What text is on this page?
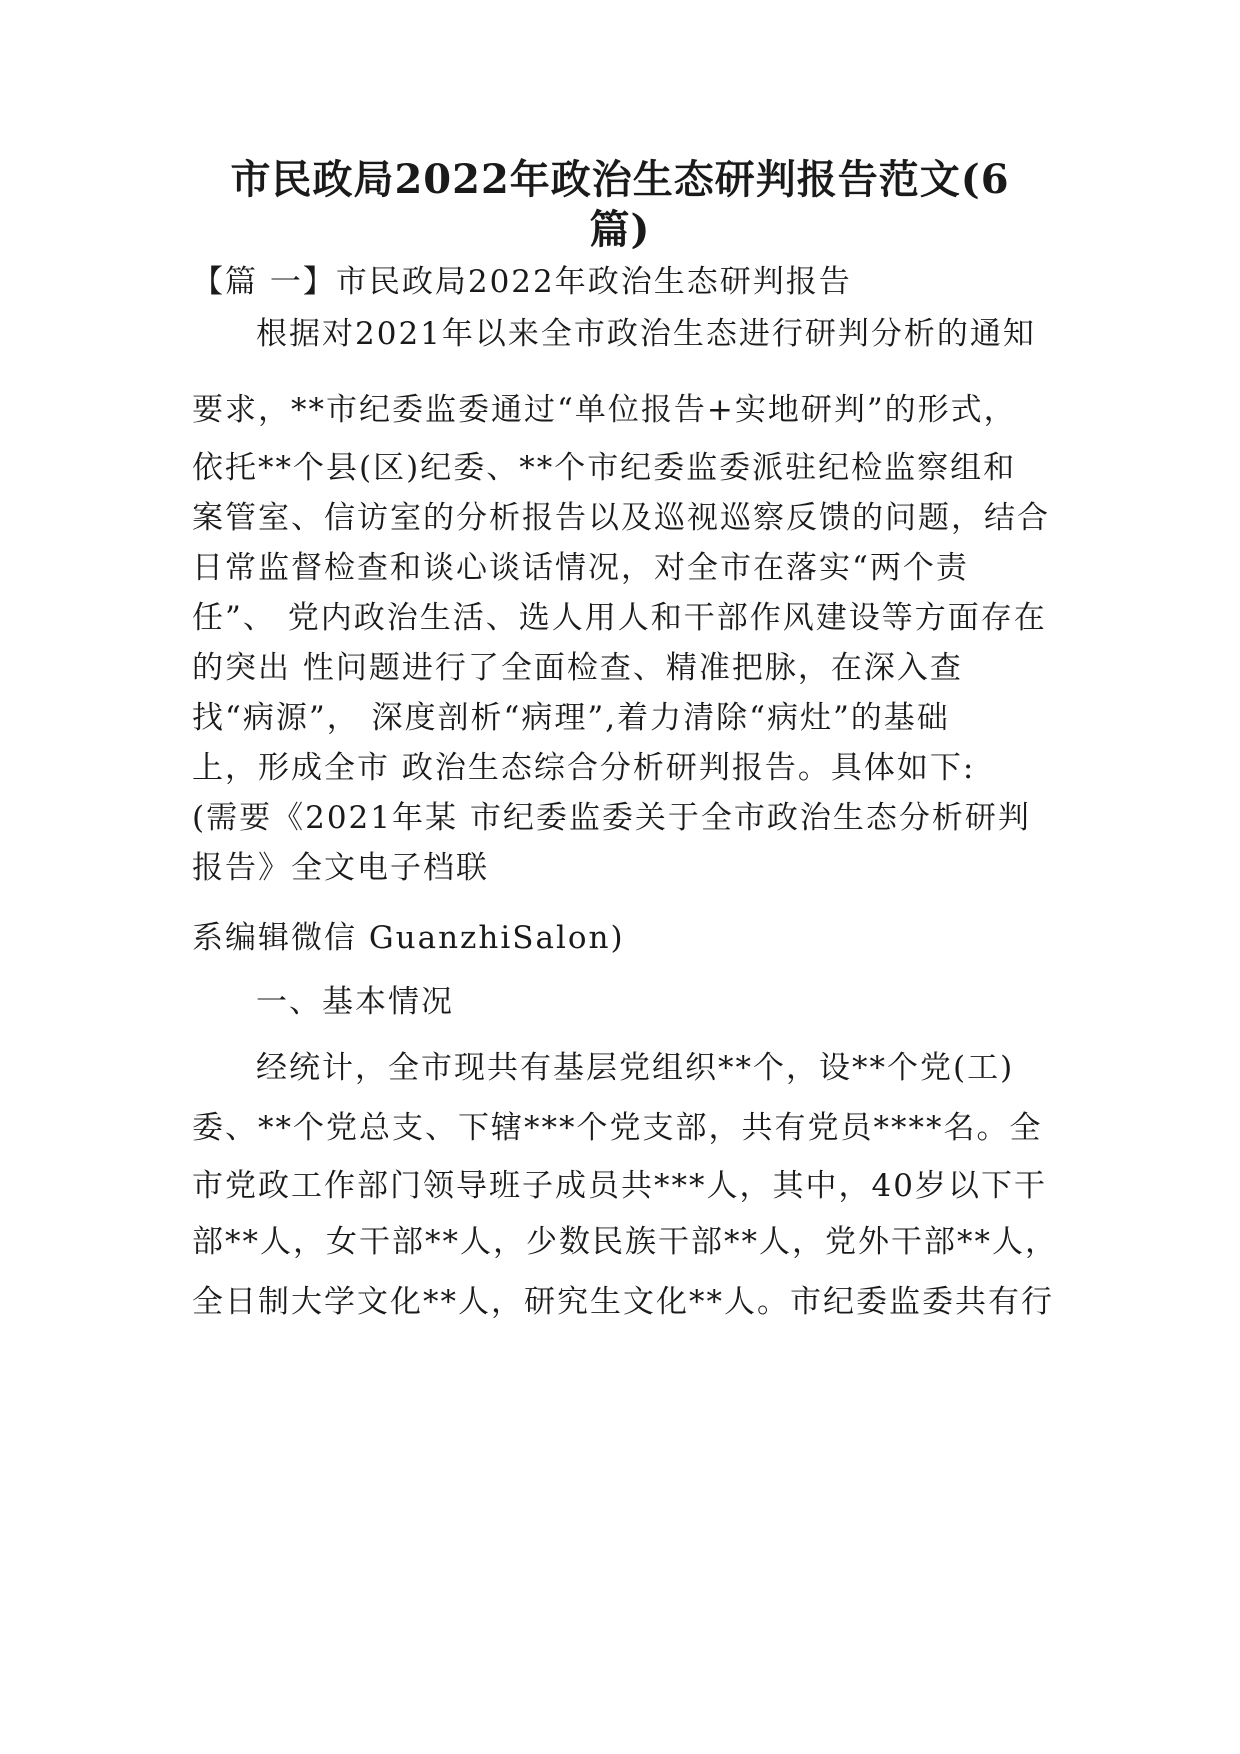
市民政局2022年政治生态研判报告范文(6
篇)
【篇 一】市民政局2022年政治生态研判报告
根据对2021年以来全市政治生态进行研判分析的通知
要求，**市纪委监委通过“单位报告+实地研判”的形式，
依托**个县(区)纪委、**个市纪委监委派驻纪检监察组和
案管室、信访室的分析报告以及巡视巡察反馈的问题，结合
日常监督检查和谈心谈话情况，对全市在落实“两个责
任”、 党内政治生活、选人用人和干部作风建设等方面存在
的突出 性问题进行了全面检查、精准把脉，在深入查
找“病源”， 深度剖析“病理”,着力清除“病灶”的基础
上，形成全市 政治生态综合分析研判报告。具体如下:
(需要《2021年某 市纪委监委关于全市政治生态分析研判
报告》全文电子档联
系编辑微信 GuanzhiSalon)
一、基本情况
经统计，全市现共有基层党组织**个，设**个党(工)
委、**个党总支、下辖***个党支部，共有党员****名。全
市党政工作部门领导班子成员共***人，其中，40岁以下干
部**人，女干部**人，少数民族干部**人，党外干部**人，
全日制大学文化**人，研究生文化**人。市纪委监委共有行
